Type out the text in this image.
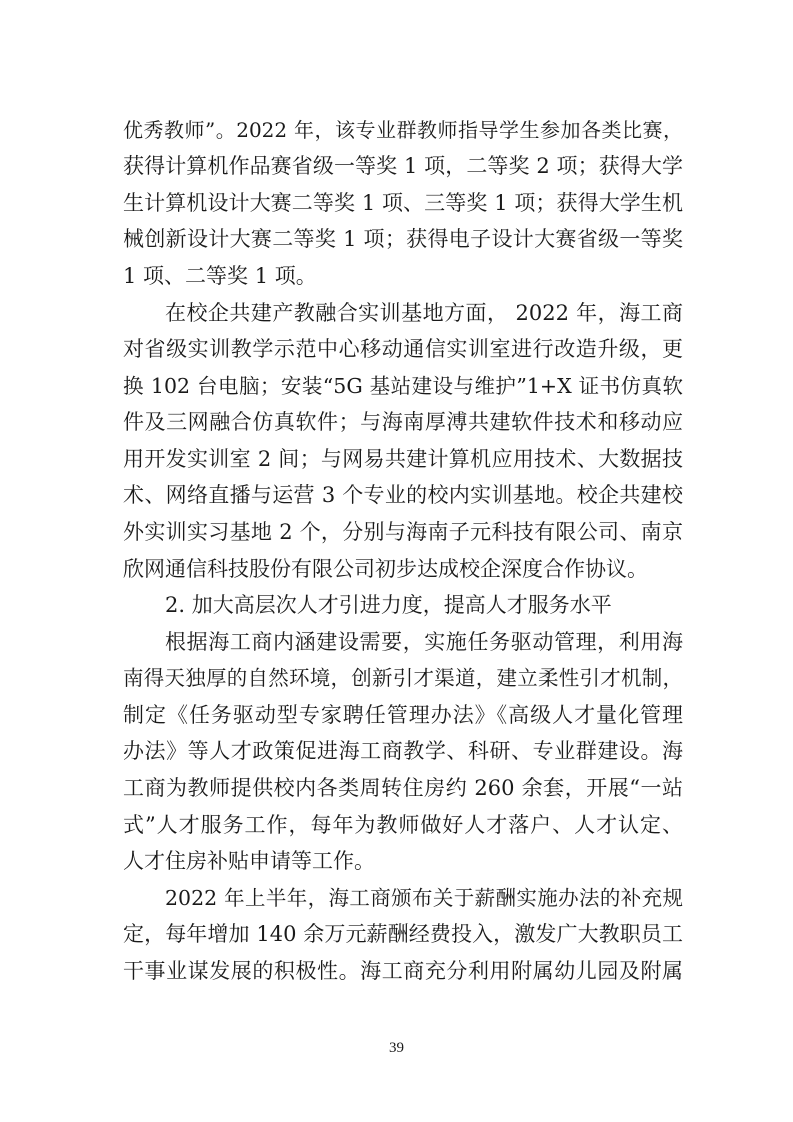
优秀教师”。2022 年，该专业群教师指导学生参加各类比赛，
获得计算机作品赛省级一等奖 1 项，二等奖 2 项；获得大学
生计算机设计大赛二等奖 1 项、三等奖 1 项；获得大学生机
械创新设计大赛二等奖 1 项；获得电子设计大赛省级一等奖
1 项、二等奖 1 项。
在校企共建产教融合实训基地方面， 2022 年，海工商
对省级实训教学示范中心移动通信实训室进行改造升级，更
换 102 台电脑；安装“5G 基站建设与维护”1+X 证书仿真软
件及三网融合仿真软件；与海南厚溥共建软件技术和移动应
用开发实训室 2 间；与网易共建计算机应用技术、大数据技
术、网络直播与运营 3 个专业的校内实训基地。校企共建校
外实训实习基地 2 个，分别与海南子元科技有限公司、南京
欣网通信科技股份有限公司初步达成校企深度合作协议。
2. 加大高层次人才引进力度，提高人才服务水平
根据海工商内涵建设需要，实施任务驱动管理，利用海
南得天独厚的自然环境，创新引才渠道，建立柔性引才机制，
制定《任务驱动型专家聘任管理办法》《高级人才量化管理
办法》等人才政策促进海工商教学、科研、专业群建设。海
工商为教师提供校内各类周转住房约 260 余套，开展“一站
式”人才服务工作，每年为教师做好人才落户、人才认定、
人才住房补贴申请等工作。
2022 年上半年，海工商颁布关于薪酬实施办法的补充规
定，每年增加 140 余万元薪酬经费投入，激发广大教职员工
干事业谋发展的积极性。海工商充分利用附属幼儿园及附属
39
